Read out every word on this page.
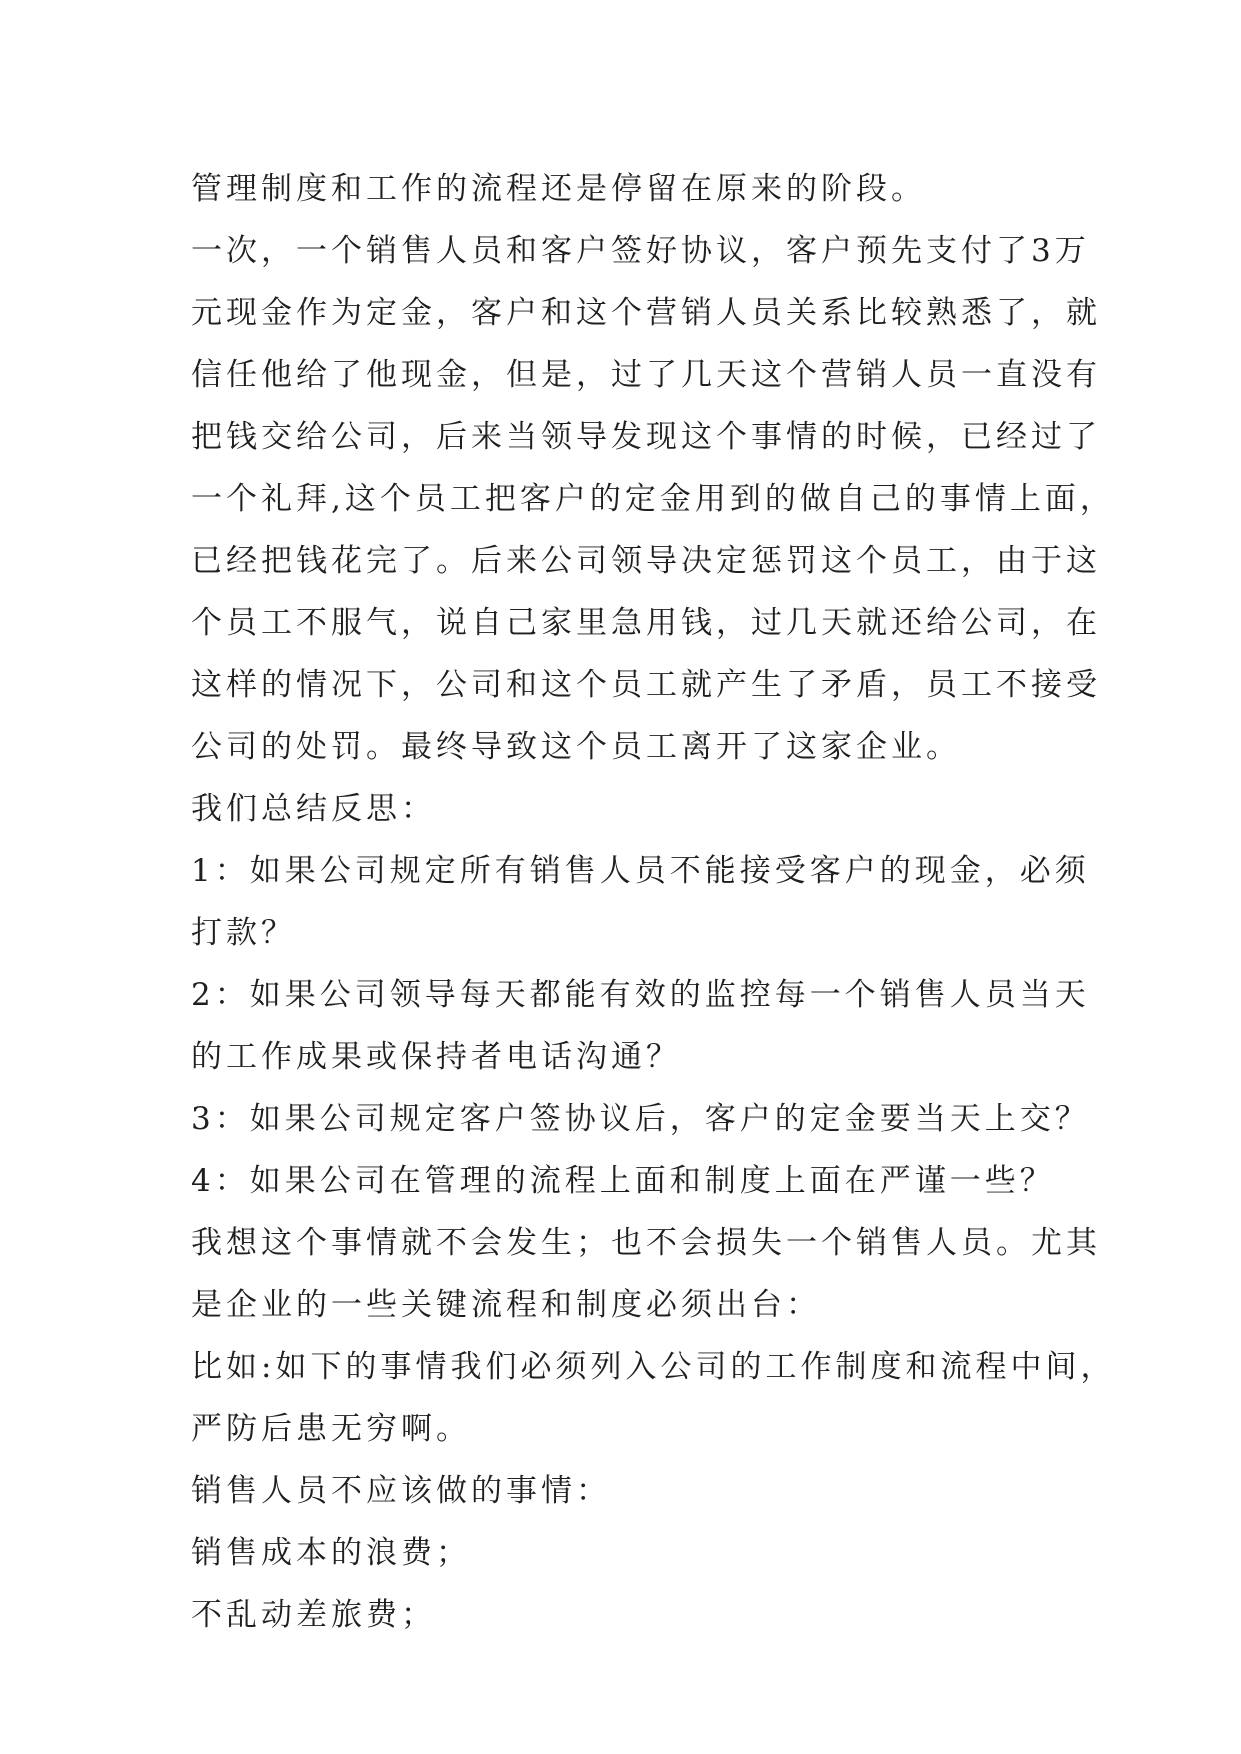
管理制度和工作的流程还是停留在原来的阶段。
一次，一个销售人员和客户签好协议，客户预先支付了3万
元现金作为定金，客户和这个营销人员关系比较熟悉了，就
信任他给了他现金，但是，过了几天这个营销人员一直没有
把钱交给公司，后来当领导发现这个事情的时候，已经过了
一个礼拜,这个员工把客户的定金用到的做自己的事情上面，
已经把钱花完了。后来公司领导决定惩罚这个员工，由于这
个员工不服气，说自己家里急用钱，过几天就还给公司，在
这样的情况下，公司和这个员工就产生了矛盾，员工不接受
公司的处罚。最终导致这个员工离开了这家企业。
我们总结反思：
1：如果公司规定所有销售人员不能接受客户的现金，必须
打款？
2：如果公司领导每天都能有效的监控每一个销售人员当天
的工作成果或保持者电话沟通？
3：如果公司规定客户签协议后，客户的定金要当天上交？
4：如果公司在管理的流程上面和制度上面在严谨一些？
我想这个事情就不会发生；也不会损失一个销售人员。尤其
是企业的一些关键流程和制度必须出台：
比如:如下的事情我们必须列入公司的工作制度和流程中间，
严防后患无穷啊。
销售人员不应该做的事情：
销售成本的浪费；
不乱动差旅费；
